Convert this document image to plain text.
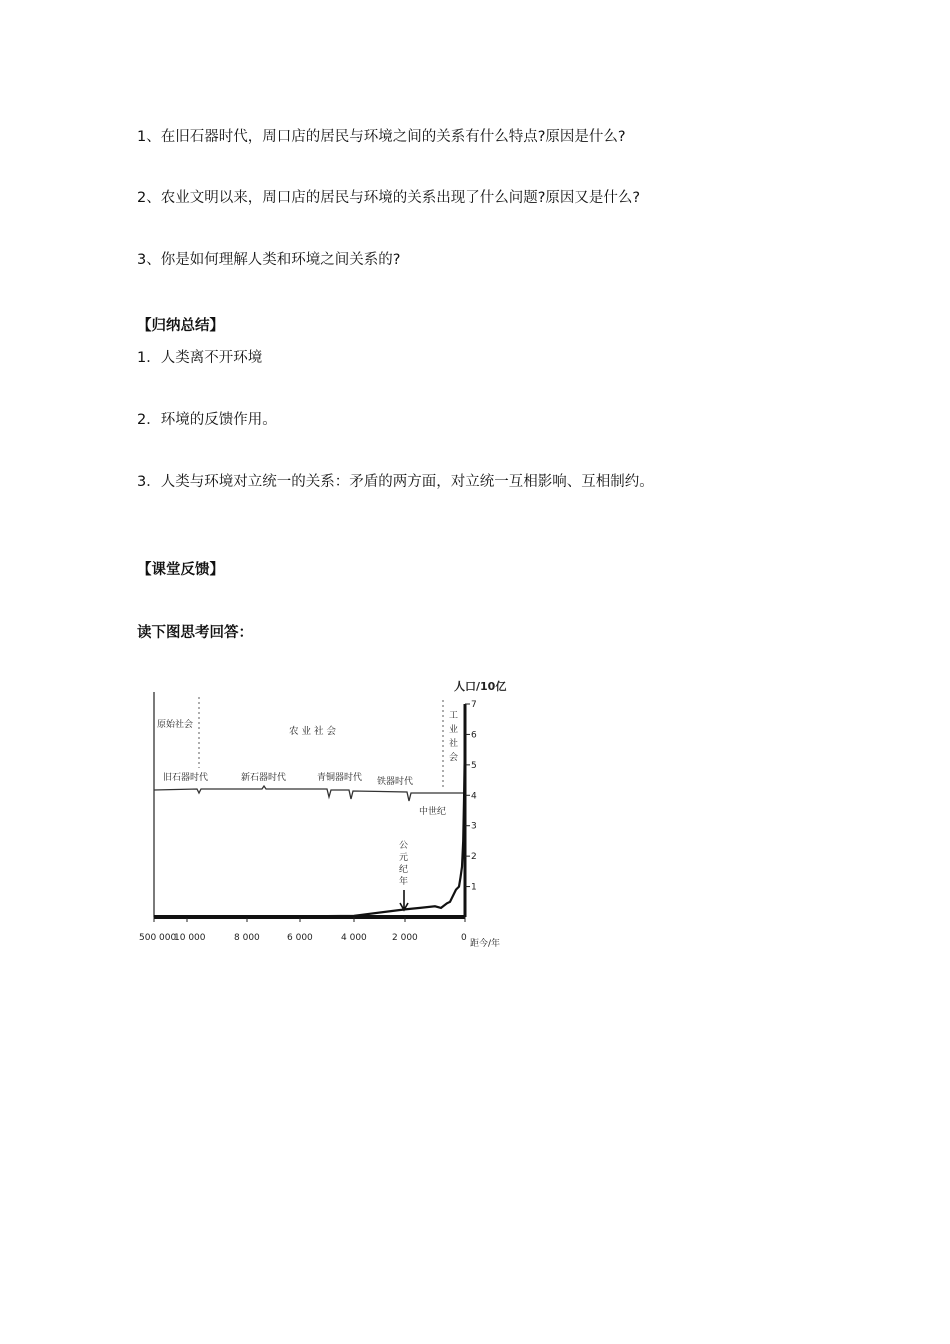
1、在旧石器时代，周口店的居民与环境之间的关系有什么特点?原因是什么?
2、农业文明以来，周口店的居民与环境的关系出现了什么问题?原因又是什么?
3、你是如何理解人类和环境之间关系的?
【归纳总结】
1．人类离不开环境
2．环境的反馈作用。
3．人类与环境对立统一的关系：矛盾的两方面，对立统一互相影响、互相制约。
【课堂反馈】
读下图思考回答：
原始社会
农 业 社 会
工
业
社
会
旧石器时代	新石器时代	青铜器时代 铁器时代
中世纪
公
元
纪
年
500 000
10 000	8 000	6 000	4 000	2 000	0
1
2
3
4
5
6
7
人口/10亿
距今/年
